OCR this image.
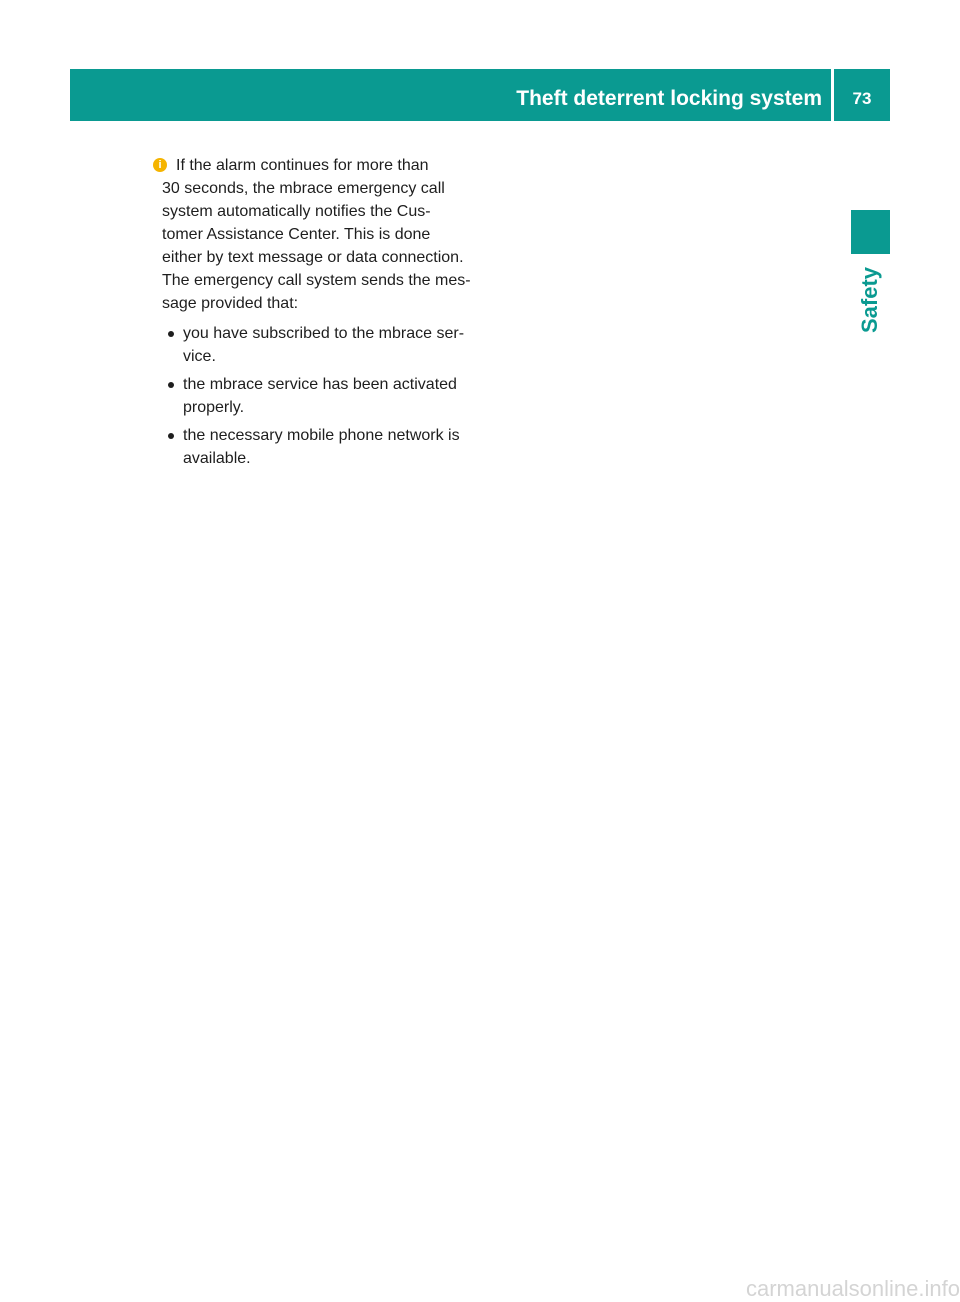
Theft deterrent locking system	73
Safety
i If the alarm continues for more than
30 seconds, the mbrace emergency call
system automatically notifies the Cus-
tomer Assistance Center. This is done
either by text message or data connection.
The emergency call system sends the mes-
sage provided that:

you have subscribed to the mbrace ser-
vice.
the mbrace service has been activated
properly.
the necessary mobile phone network is
available.
carmanualsonline.info
